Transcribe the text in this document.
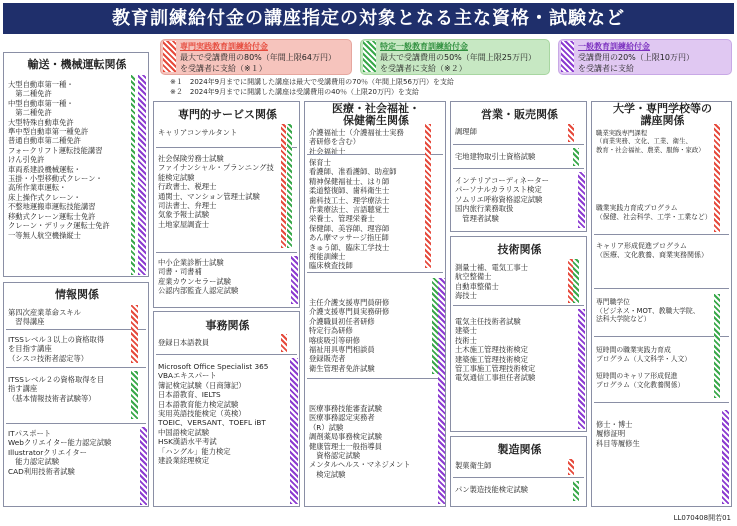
教育訓練給付金の講座指定の対象となる主な資格・試験など
専門実践教育訓練給付金
最大で受講費用の80%（年間上限64万円）
を受講者に支給（※１）
特定一般教育訓練給付金
最大で受講費用の50%（年間上限25万円）
を受講者に支給（※２）
一般教育訓練給付金
受講費用の20%（上限10万円）
を受講者に支給
※１　2024年9月までに開講した講座は最大で受講費用の70％（年間上限56万円）を支給
※２　2024年9月までに開講した講座は受講費用の40％（上限20万円）を支給
輸送・機械運転関係
大型自動車第一種・
　第二種免許
中型自動車第一種・
　第二種免許
大型特殊自動車免許
準中型自動車第一種免許
普通自動車第二種免許
フォークリフト運転技能講習
けん引免許
車両系建設機械運転・
玉掛・小型移動式クレーン・
高所作業車運転・
床上操作式クレーン・
不整地運搬車運転技能講習
移動式クレーン運転士免許
クレーン・デリック運転士免許
一等無人航空機操縦士
情報関係
第四次産業革命スキル
　習得講座
ITSSレベル３以上の資格取得
を目指す講座
（シスコ技術者認定等）
ITSSレベル２の資格取得を目
指す講座
（基本情報技術者試験等）
ITパスポート
Webクリエイター能力認定試験
Illustratorクリエイター
　能力認定試験
CAD利用技術者試験
専門的サービス関係
キャリアコンサルタント
社会保険労務士試験
ファイナンシャル・プランニング技
能検定試験
行政書士、税理士
通関士、マンション管理士試験
司法書士、弁理士
気象予報士試験
土地家屋調査士
中小企業診断士試験
司書・司書補
産業カウンセラー試験
公認内部監査人認定試験
事務関係
登録日本語教員
Microsoft Office Specialist 365
VBAエキスパート
簿記検定試験（日商簿記）
日本語教育、IELTS
日本語教育能力検定試験
実用英語技能検定（英検）
TOEIC、VERSANT、TOEFL iBT
中国語検定試験
HSK漢語水平考試
「ハングル」能力検定
建設業経理検定
医療・社会福祉・
保健衛生関係
介護福祉士（介護福祉士実務
者研修を含む）
社会福祉士
保育士
看護師、准看護師、助産師
精神保健福祉士、はり師
柔道整復師、歯科衛生士
歯科技工士、理学療法士
作業療法士、言語聴覚士
栄養士、管理栄養士
保健師、美容師、理容師
あん摩マッサージ指圧師
きゅう師、臨床工学技士
視能訓練士
臨床検査技師
主任介護支援専門員研修
介護支援専門員実務研修
介護職員初任者研修
特定行為研修
喀痰吸引等研修
福祉用具専門相談員
登録販売者
衛生管理者免許試験
医療事務技能審査試験
医療事務認定実務者
（R）試験
調剤薬局事務検定試験
健康管理士一般指導員
　資格認定試験
メンタルヘルス・マネジメント
　検定試験
営業・販売関係
調理師
宅地建物取引士資格試験
インテリアコーディネーター
パーソナルカラリスト検定
ソムリエ呼称資格認定試験
国内旅行業務取扱
　管理者試験
技術関係
測量士補、電気工事士
航空整備士
自動車整備士
海技士
電気主任技術者試験
建築士
技術士
土木施工管理技術検定
建築施工管理技術検定
管工事施工管理技術検定
電気通信工事担任者試験
製造関係
製菓衛生師
パン製造技能検定試験
大学・専門学校等の
講座関係
職業実践専門課程
（商業実務、文化、工業、衛生、
教育・社会福祉、農業、服飾・家政）
職業実践力育成プログラム
（保健、社会科学、工学・工業など）
キャリア形成促進プログラム
（医療、文化教養、商業実務関係）
専門職学位
（ビジネス・MOT、教職大学院、
法科大学院など）
短時間の職業実践力育成
プログラム（人文科学・人文）
短時間のキャリア形成促進
プログラム（文化教養関係）
修士・博士
履修証明
科目等履修生
LL070408開若01
